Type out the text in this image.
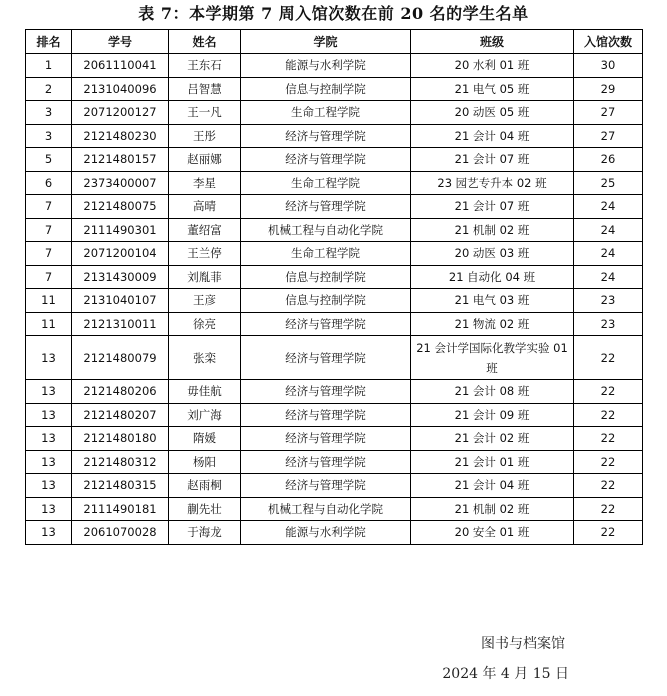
表 7：本学期第 7 周入馆次数在前 20 名的学生名单
排名	学号	姓名	学院	班级	入馆次数
1	2061110041	王东石	能源与水利学院	20 水利 01 班	30
2	2131040096	吕智慧	信息与控制学院	21 电气 05 班	29
3	2071200127	王一凡	生命工程学院	20 动医 05 班	27
3	2121480230	王彤	经济与管理学院	21 会计 04 班	27
5	2121480157	赵丽娜	经济与管理学院	21 会计 07 班	26
6	2373400007	李星	生命工程学院	23 园艺专升本 02 班	25
7	2121480075	高晴	经济与管理学院	21 会计 07 班	24
7	2111490301	董绍富	机械工程与自动化学院	21 机制 02 班	24
7	2071200104	王兰停	生命工程学院	20 动医 03 班	24
7	2131430009	刘胤菲	信息与控制学院	21 自动化 04 班	24
11	2131040107	王彦	信息与控制学院	21 电气 03 班	23
11	2121310011	徐亮	经济与管理学院	21 物流 02 班	23
13	2121480079	张栾	经济与管理学院	21 会计学国际化教学实验 01 班	22
13	2121480206	毋佳航	经济与管理学院	21 会计 08 班	22
13	2121480207	刘广海	经济与管理学院	21 会计 09 班	22
13	2121480180	隋媛	经济与管理学院	21 会计 02 班	22
13	2121480312	杨阳	经济与管理学院	21 会计 01 班	22
13	2121480315	赵雨桐	经济与管理学院	21 会计 04 班	22
13	2111490181	蒯先壮	机械工程与自动化学院	21 机制 02 班	22
13	2061070028	于海龙	能源与水利学院	20 安全 01 班	22
图书与档案馆
2024 年 4 月 15 日
